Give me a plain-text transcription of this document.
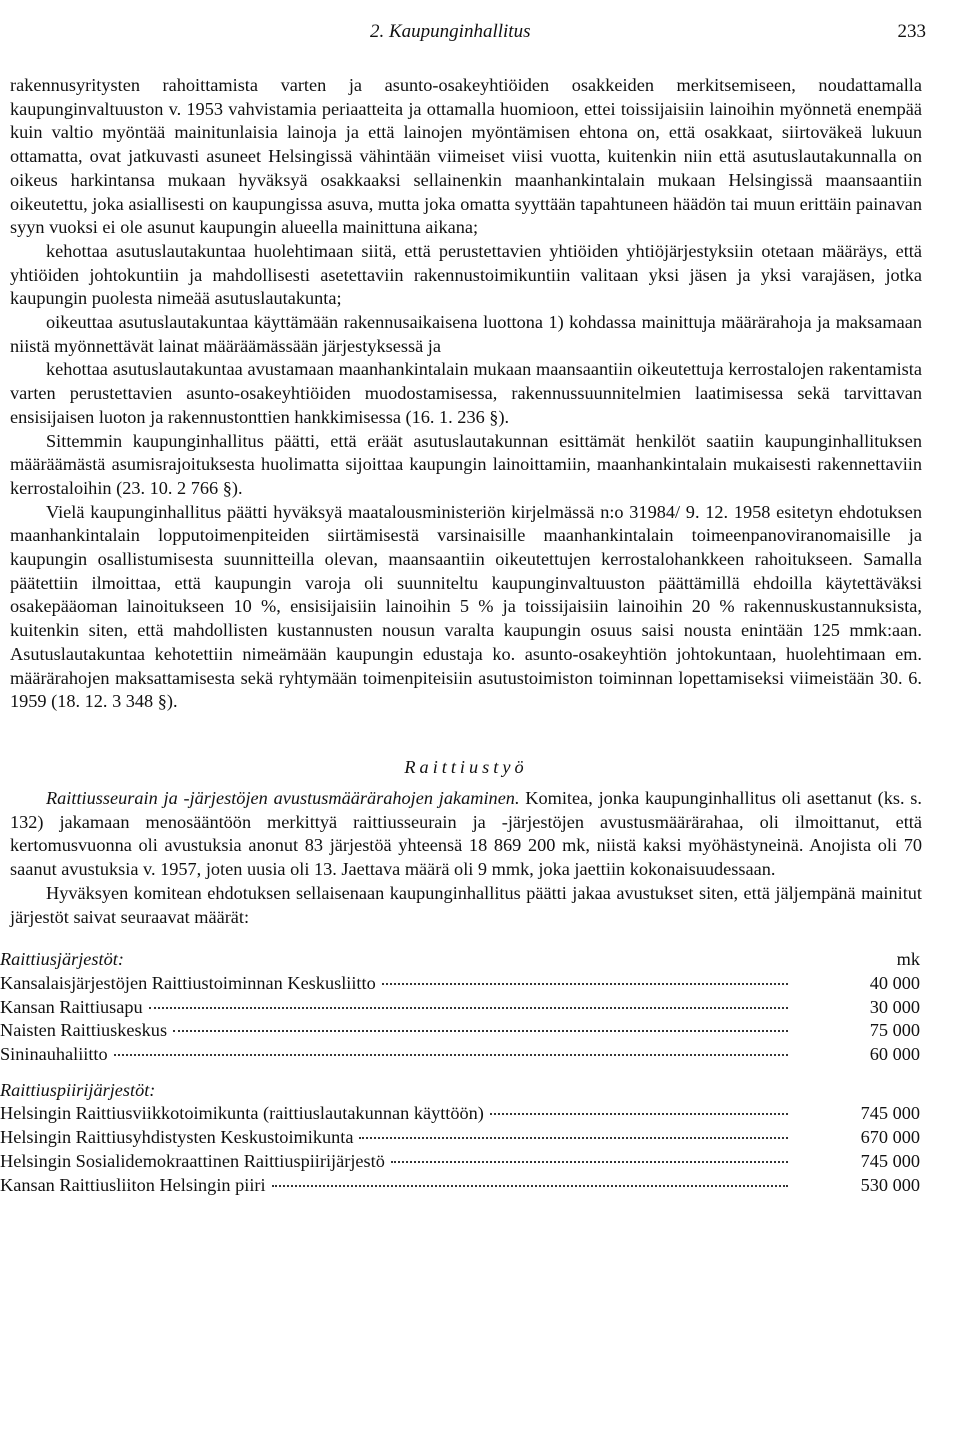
2. Kaupunginhallitus	233

rakennusyritysten rahoittamista varten ja asunto-osakeyhtiöiden osakkeiden merkitsemiseen, noudattamalla kaupunginvaltuuston v. 1953 vahvistamia periaatteita ja ottamalla huomioon, ettei toissijaisiin lainoihin myönnetä enempää kuin valtio myöntää mainitunlaisia lainoja ja että lainojen myöntämisen ehtona on, että osakkaat, siirtoväkeä lukuun ottamatta, ovat jatkuvasti asuneet Helsingissä vähintään viimeiset viisi vuotta, kuitenkin niin että asutuslautakunnalla on oikeus harkintansa mukaan hyväksyä osakkaaksi sellainenkin maanhankintalain mukaan Helsingissä maansaantiin oikeutettu, joka asiallisesti on kaupungissa asuva, mutta joka omatta syyttään tapahtuneen häädön tai muun erittäin painavan syyn vuoksi ei ole asunut kaupungin alueella mainittuna aikana;

kehottaa asutuslautakuntaa huolehtimaan siitä, että perustettavien yhtiöiden yhtiöjärjestyksiin otetaan määräys, että yhtiöiden johtokuntiin ja mahdollisesti asetettaviin rakennustoimikuntiin valitaan yksi jäsen ja yksi varajäsen, jotka kaupungin puolesta nimeää asutuslautakunta;

oikeuttaa asutuslautakuntaa käyttämään rakennusaikaisena luottona 1) kohdassa mainittuja määrärahoja ja maksamaan niistä myönnettävät lainat määräämässään järjestyksessä ja

kehottaa asutuslautakuntaa avustamaan maanhankintalain mukaan maansaantiin oikeutettuja kerrostalojen rakentamista varten perustettavien asunto-osakeyhtiöiden muodostamisessa, rakennussuunnitelmien laatimisessa sekä tarvittavan ensisijaisen luoton ja rakennustonttien hankkimisessa (16. 1. 236 §).

Sittemmin kaupunginhallitus päätti, että eräät asutuslautakunnan esittämät henkilöt saatiin kaupunginhallituksen määräämästä asumisrajoituksesta huolimatta sijoittaa kaupungin lainoittamiin, maanhankintalain mukaisesti rakennettaviin kerrostaloihin (23. 10. 2 766 §).

Vielä kaupunginhallitus päätti hyväksyä maatalousministeriön kirjelmässä n:o 31984/ 9. 12. 1958 esitetyn ehdotuksen maanhankintalain lopputoimenpiteiden siirtämisestä varsinaisille maanhankintalain toimeenpanoviranomaisille ja kaupungin osallistumisesta suunnitteilla olevan, maansaantiin oikeutettujen kerrostalohankkeen rahoitukseen. Samalla päätettiin ilmoittaa, että kaupungin varoja oli suunniteltu kaupunginvaltuuston päättämillä ehdoilla käytettäväksi osakepääoman lainoitukseen 10 %, ensisijaisiin lainoihin 5 % ja toissijaisiin lainoihin 20 % rakennuskustannuksista, kuitenkin siten, että mahdollisten kustannusten nousun varalta kaupungin osuus saisi nousta enintään 125 mmk:aan. Asutuslautakuntaa kehotettiin nimeämään kaupungin edustaja ko. asunto-osakeyhtiön johtokuntaan, huolehtimaan em. määrärahojen maksattamisesta sekä ryhtymään toimenpiteisiin asutustoimiston toiminnan lopettamiseksi viimeistään 30. 6. 1959 (18. 12. 3 348 §).

Raittiustyö

Raittiusseurain ja -järjestöjen avustusmäärärahojen jakaminen. Komitea, jonka kaupunginhallitus oli asettanut (ks. s. 132) jakamaan menosääntöön merkittyä raittiusseurain ja -järjestöjen avustusmäärärahaa, oli ilmoittanut, että kertomusvuonna oli avustuksia anonut 83 järjestöä yhteensä 18 869 200 mk, niistä kaksi myöhästyneinä. Anojista oli 70 saanut avustuksia v. 1957, joten uusia oli 13. Jaettava määrä oli 9 mmk, joka jaettiin kokonaisuudessaan.

Hyväksyen komitean ehdotuksen sellaisenaan kaupunginhallitus päätti jakaa avustukset siten, että jäljempänä mainitut järjestöt saivat seuraavat määrät:

Raittiusjärjestöt:	mk
Kansalaisjärjestöjen Raittiustoiminnan Keskusliitto	40 000
Kansan Raittiusapu	30 000
Naisten Raittiuskeskus	75 000
Sininauhaliitto	60 000
Raittiuspiirijärjestöt:
Helsingin Raittiusviikkotoimikunta (raittiuslautakunnan käyttöön)	745 000
Helsingin Raittiusyhdistysten Keskustoimikunta	670 000
Helsingin Sosialidemokraattinen Raittiuspiirijärjestö	745 000
Kansan Raittiusliiton Helsingin piiri	530 000
